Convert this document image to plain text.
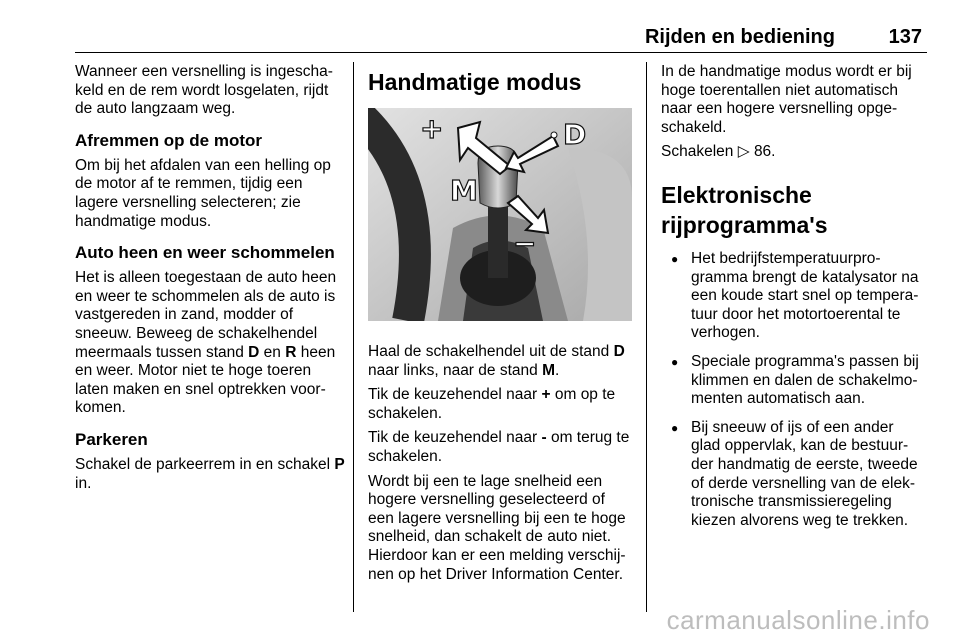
Rijden en bediening	137

Wanneer een versnelling is ingescha-keld en de rem wordt losgelaten, rijdt de auto langzaam weg.

Afremmen op de motor

Om bij het afdalen van een helling op de motor af te remmen, tijdig een lagere versnelling selecteren; zie handmatige modus.

Auto heen en weer schommelen

Het is alleen toegestaan de auto heen en weer te schommelen als de auto is vastgereden in zand, modder of sneeuw. Beweeg de schakelhendel meermaals tussen stand D en R heen en weer. Motor niet te hoge toeren laten maken en snel optrekken voor-komen.

Parkeren

Schakel de parkeerrem in en schakel P in.

Handmatige modus
+
−
M
D

Haal de schakelhendel uit de stand D naar links, naar de stand M.

Tik de keuzehendel naar + om op te schakelen.

Tik de keuzehendel naar - om terug te schakelen.

Wordt bij een te lage snelheid een hogere versnelling geselecteerd of een lagere versnelling bij een te hoge snelheid, dan schakelt de auto niet. Hierdoor kan er een melding verschij-nen op het Driver Information Center.

In de handmatige modus wordt er bij hoge toerentallen niet automatisch naar een hogere versnelling opge-schakeld.

Schakelen ▷ 86.

Elektronische
rijprogramma's
● Het bedrijfstemperatuurpro-gramma brengt de katalysator na een koude start snel op tempera-tuur door het motortoerental te verhogen.
● Speciale programma's passen bij klimmen en dalen de schakelmo-menten automatisch aan.
● Bij sneeuw of ijs of een ander glad oppervlak, kan de bestuur-der handmatig de eerste, tweede of derde versnelling van de elek-tronische transmissieregeling kiezen alvorens weg te trekken.
carmanualsonline.info
